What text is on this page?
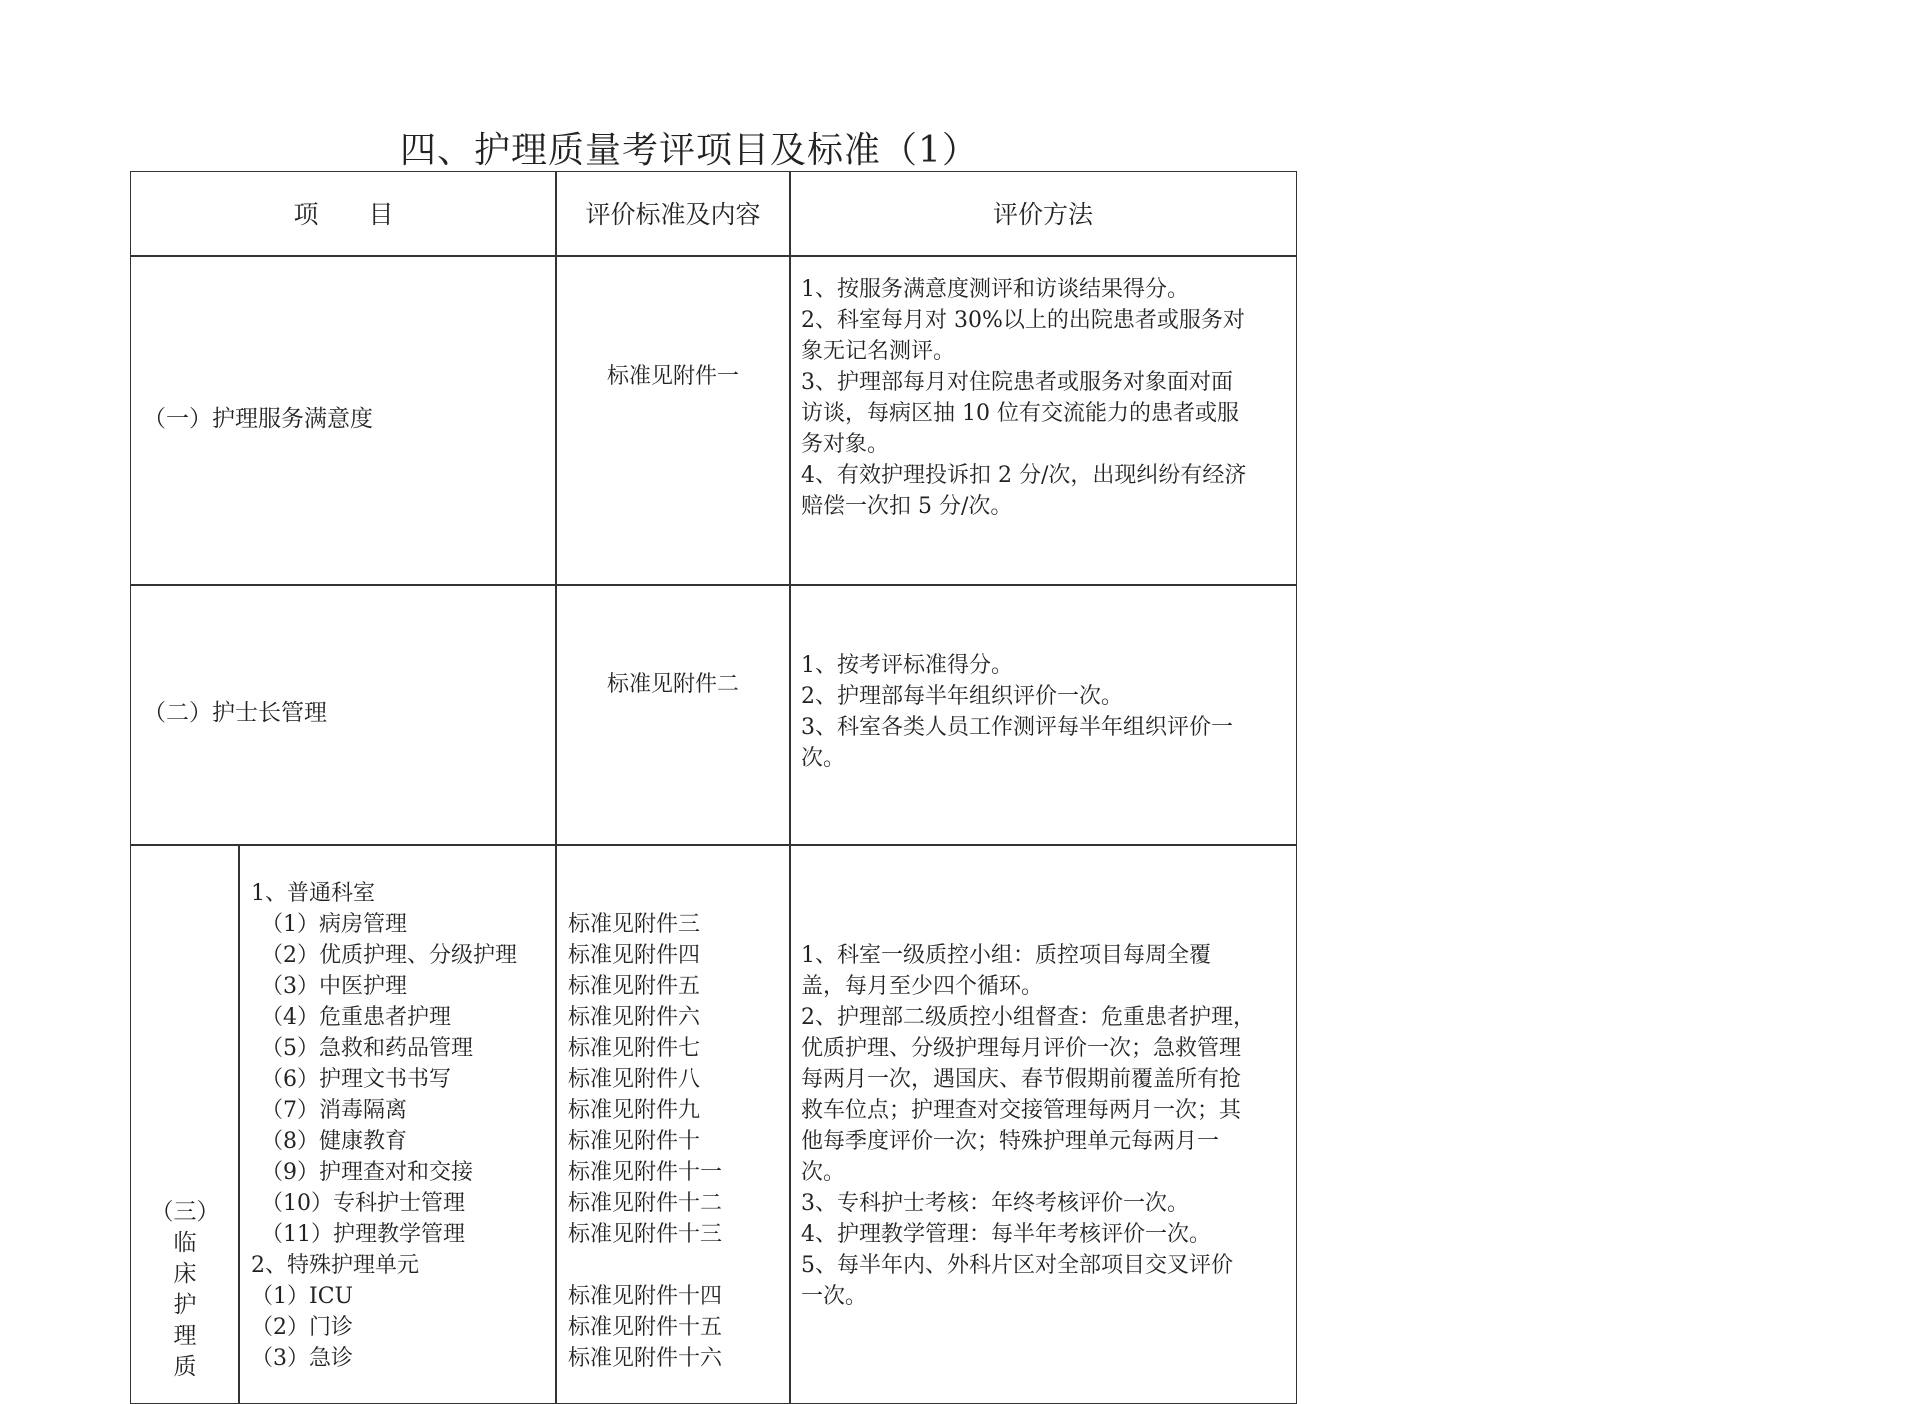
四、护理质量考评项目及标准（1）
项　　目	评价标准及内容	评价方法
（一）护理服务满意度
标准见附件一
1、按服务满意度测评和访谈结果得分。
2、科室每月对 30%以上的出院患者或服务对
象无记名测评。
3、护理部每月对住院患者或服务对象面对面
访谈，每病区抽 10 位有交流能力的患者或服
务对象。
4、有效护理投诉扣 2 分/次，出现纠纷有经济
赔偿一次扣 5 分/次。
（二）护士长管理
标准见附件二
1、按考评标准得分。
2、护理部每半年组织评价一次。
3、科室各类人员工作测评每半年组织评价一
次。
（三）
临
床
护
理
质
1、普通科室
（1）病房管理
（2）优质护理、分级护理
（3）中医护理
（4）危重患者护理
（5）急救和药品管理
（6）护理文书书写
（7）消毒隔离
（8）健康教育
（9）护理查对和交接
（10）专科护士管理
（11）护理教学管理
2、特殊护理单元
（1）ICU
（2）门诊
（3）急诊
标准见附件三
标准见附件四
标准见附件五
标准见附件六
标准见附件七
标准见附件八
标准见附件九
标准见附件十
标准见附件十一
标准见附件十二
标准见附件十三
标准见附件十四
标准见附件十五
标准见附件十六
1、科室一级质控小组：质控项目每周全覆
盖，每月至少四个循环。
2、护理部二级质控小组督查：危重患者护理，
优质护理、分级护理每月评价一次；急救管理
每两月一次，遇国庆、春节假期前覆盖所有抢
救车位点；护理查对交接管理每两月一次；其
他每季度评价一次；特殊护理单元每两月一
次。
3、专科护士考核：年终考核评价一次。
4、护理教学管理：每半年考核评价一次。
5、每半年内、外科片区对全部项目交叉评价
一次。
